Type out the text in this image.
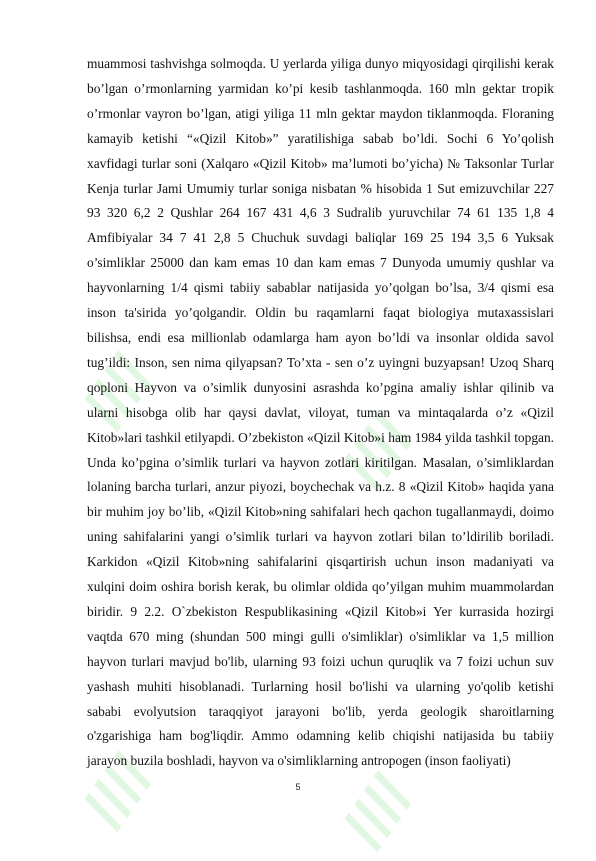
////
////
////	////

muammosi tashvishga solmoqda. U yerlarda yiliga dunyo miqyosidagi qirqilishi kerak bo’lgan o’rmonlarning yarmidan ko’pi kesib tashlanmoqda. 160 mln gektar tropik o’rmonlar vayron bo’lgan, atigi yiliga 11 mln gektar maydon tiklanmoqda. Floraning kamayib ketishi “«Qizil Kitob»” yaratilishiga sabab bo’ldi. Sochi 6 Yo’qolish xavfidagi turlar soni (Xalqaro «Qizil Kitob» ma’lumoti bo’yicha) № Taksonlar Turlar Kenja turlar Jami Umumiy turlar soniga nisbatan % hisobida 1 Sut emizuvchilar 227 93 320 6,2 2 Qushlar 264 167 431 4,6 3 Sudralib yuruvchilar 74 61 135 1,8 4 Amfibiyalar 34 7 41 2,8 5 Chuchuk suvdagi baliqlar 169 25 194 3,5 6 Yuksak o’simliklar 25000 dan kam emas 10 dan kam emas 7 Dunyoda umumiy qushlar va hayvonlarning 1/4 qismi tabiiy sabablar natijasida yo’qolgan bo’lsa, 3/4 qismi esa inson ta'sirida yo’qolgandir. Oldin bu raqamlarni faqat biologiya mutaxassislari bilishsa, endi esa millionlab odamlarga ham ayon bo’ldi va insonlar oldida savol tug’ildi: Inson, sen nima qilyapsan? To’xta - sen o’z uyingni buzyapsan! Uzoq Sharq qoploni Hayvon va o’simlik dunyosini asrashda ko’pgina amaliy ishlar qilinib va ularni hisobga olib har qaysi davlat, viloyat, tuman va mintaqalarda o’z «Qizil Kitob»lari tashkil etilyapdi. O’zbekiston «Qizil Kitob»i ham 1984 yilda tashkil topgan. Unda ko’pgina o’simlik turlari va hayvon zotlari kiritilgan. Masalan, o’simliklardan lolaning barcha turlari, anzur piyozi, boychechak va h.z. 8 «Qizil Kitob» haqida yana bir muhim joy bo’lib, «Qizil Kitob»ning sahifalari hech qachon tugallanmaydi, doimo uning sahifalarini yangi o’simlik turlari va hayvon zotlari bilan to’ldirilib boriladi. Karkidon «Qizil Kitob»ning sahifalarini qisqartirish uchun inson madaniyati va xulqini doim oshira borish kerak, bu olimlar oldida qo’yilgan muhim muammolardan biridir. 9 2.2. O`zbekiston Respublikasining «Qizil Kitob»i Yer kurrasida hozirgi vaqtda 670 ming (shundan 500 mingi gulli o'simliklar) o'simliklar va 1,5 million hayvon turlari mavjud bo'lib, ularning 93 foizi uchun quruqlik va 7 foizi uchun suv yashash muhiti hisoblanadi. Turlarning hosil bo'lishi va ularning yo'qolib ketishi sababi evolyutsion taraqqiyot jarayoni bo'lib, yerda geologik sharoitlarning o'zgarishiga ham bog'liqdir. Ammo odamning kelib chiqishi natijasida bu tabiiy jarayon buzila boshladi, hayvon va o'simliklarning antropogen (inson faoliyati)

5
